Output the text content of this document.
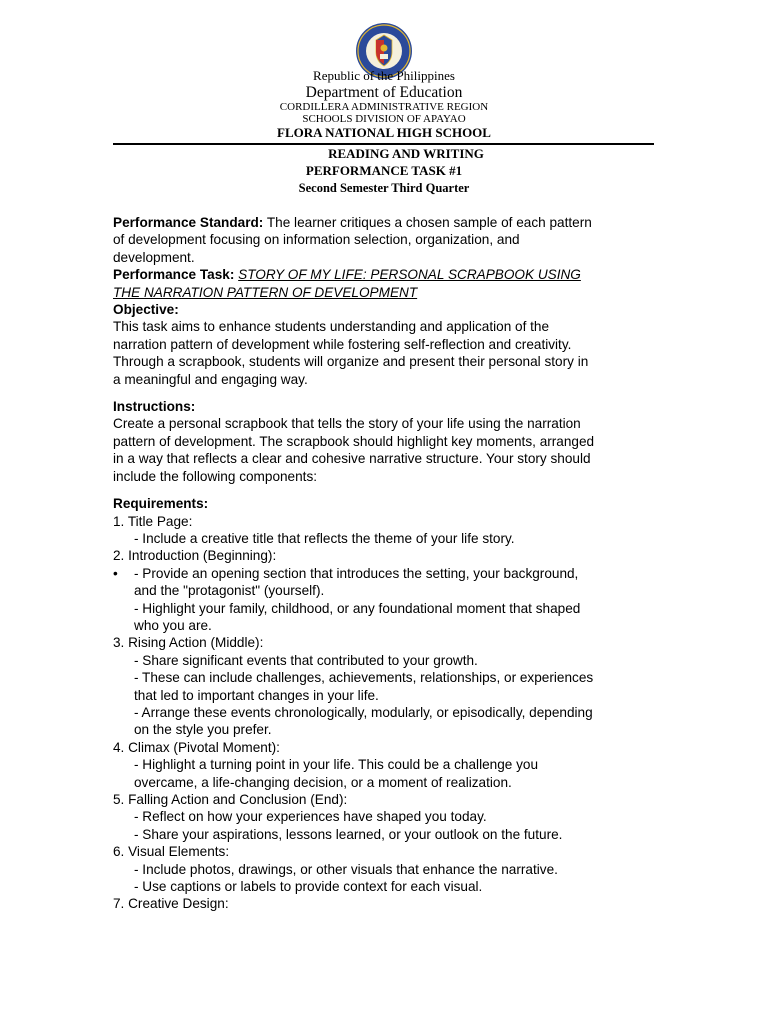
Republic of the Philippines
Department of Education
CORDILLERA ADMINISTRATIVE REGION
SCHOOLS DIVISION OF APAYAO
FLORA NATIONAL HIGH SCHOOL
READING AND WRITING
PERFORMANCE TASK #1
Second Semester Third Quarter

Performance Standard: The learner critiques a chosen sample of each pattern

of development focusing on information selection, organization, and

development.

Performance Task: STORY OF MY LIFE: PERSONAL SCRAPBOOK USING

THE NARRATION PATTERN OF DEVELOPMENT

Objective:

This task aims to enhance students understanding and application of the

narration pattern of development while fostering self-reflection and creativity.

Through a scrapbook, students will organize and present their personal story in

a meaningful and engaging way.

Instructions:

Create a personal scrapbook that tells the story of your life using the narration

pattern of development. The scrapbook should highlight key moments, arranged

in a way that reflects a clear and cohesive narrative structure. Your story should

include the following components:

Requirements:

1. Title Page:

- Include a creative title that reflects the theme of your life story.

2. Introduction (Beginning):

• - Provide an opening section that introduces the setting, your background,

and the "protagonist" (yourself).

- Highlight your family, childhood, or any foundational moment that shaped

who you are.

3. Rising Action (Middle):

- Share significant events that contributed to your growth.

- These can include challenges, achievements, relationships, or experiences

that led to important changes in your life.

- Arrange these events chronologically, modularly, or episodically, depending

on the style you prefer.

4. Climax (Pivotal Moment):

- Highlight a turning point in your life. This could be a challenge you

overcame, a life-changing decision, or a moment of realization.

5. Falling Action and Conclusion (End):

- Reflect on how your experiences have shaped you today.

- Share your aspirations, lessons learned, or your outlook on the future.

6. Visual Elements:

- Include photos, drawings, or other visuals that enhance the narrative.

- Use captions or labels to provide context for each visual.

7. Creative Design:
